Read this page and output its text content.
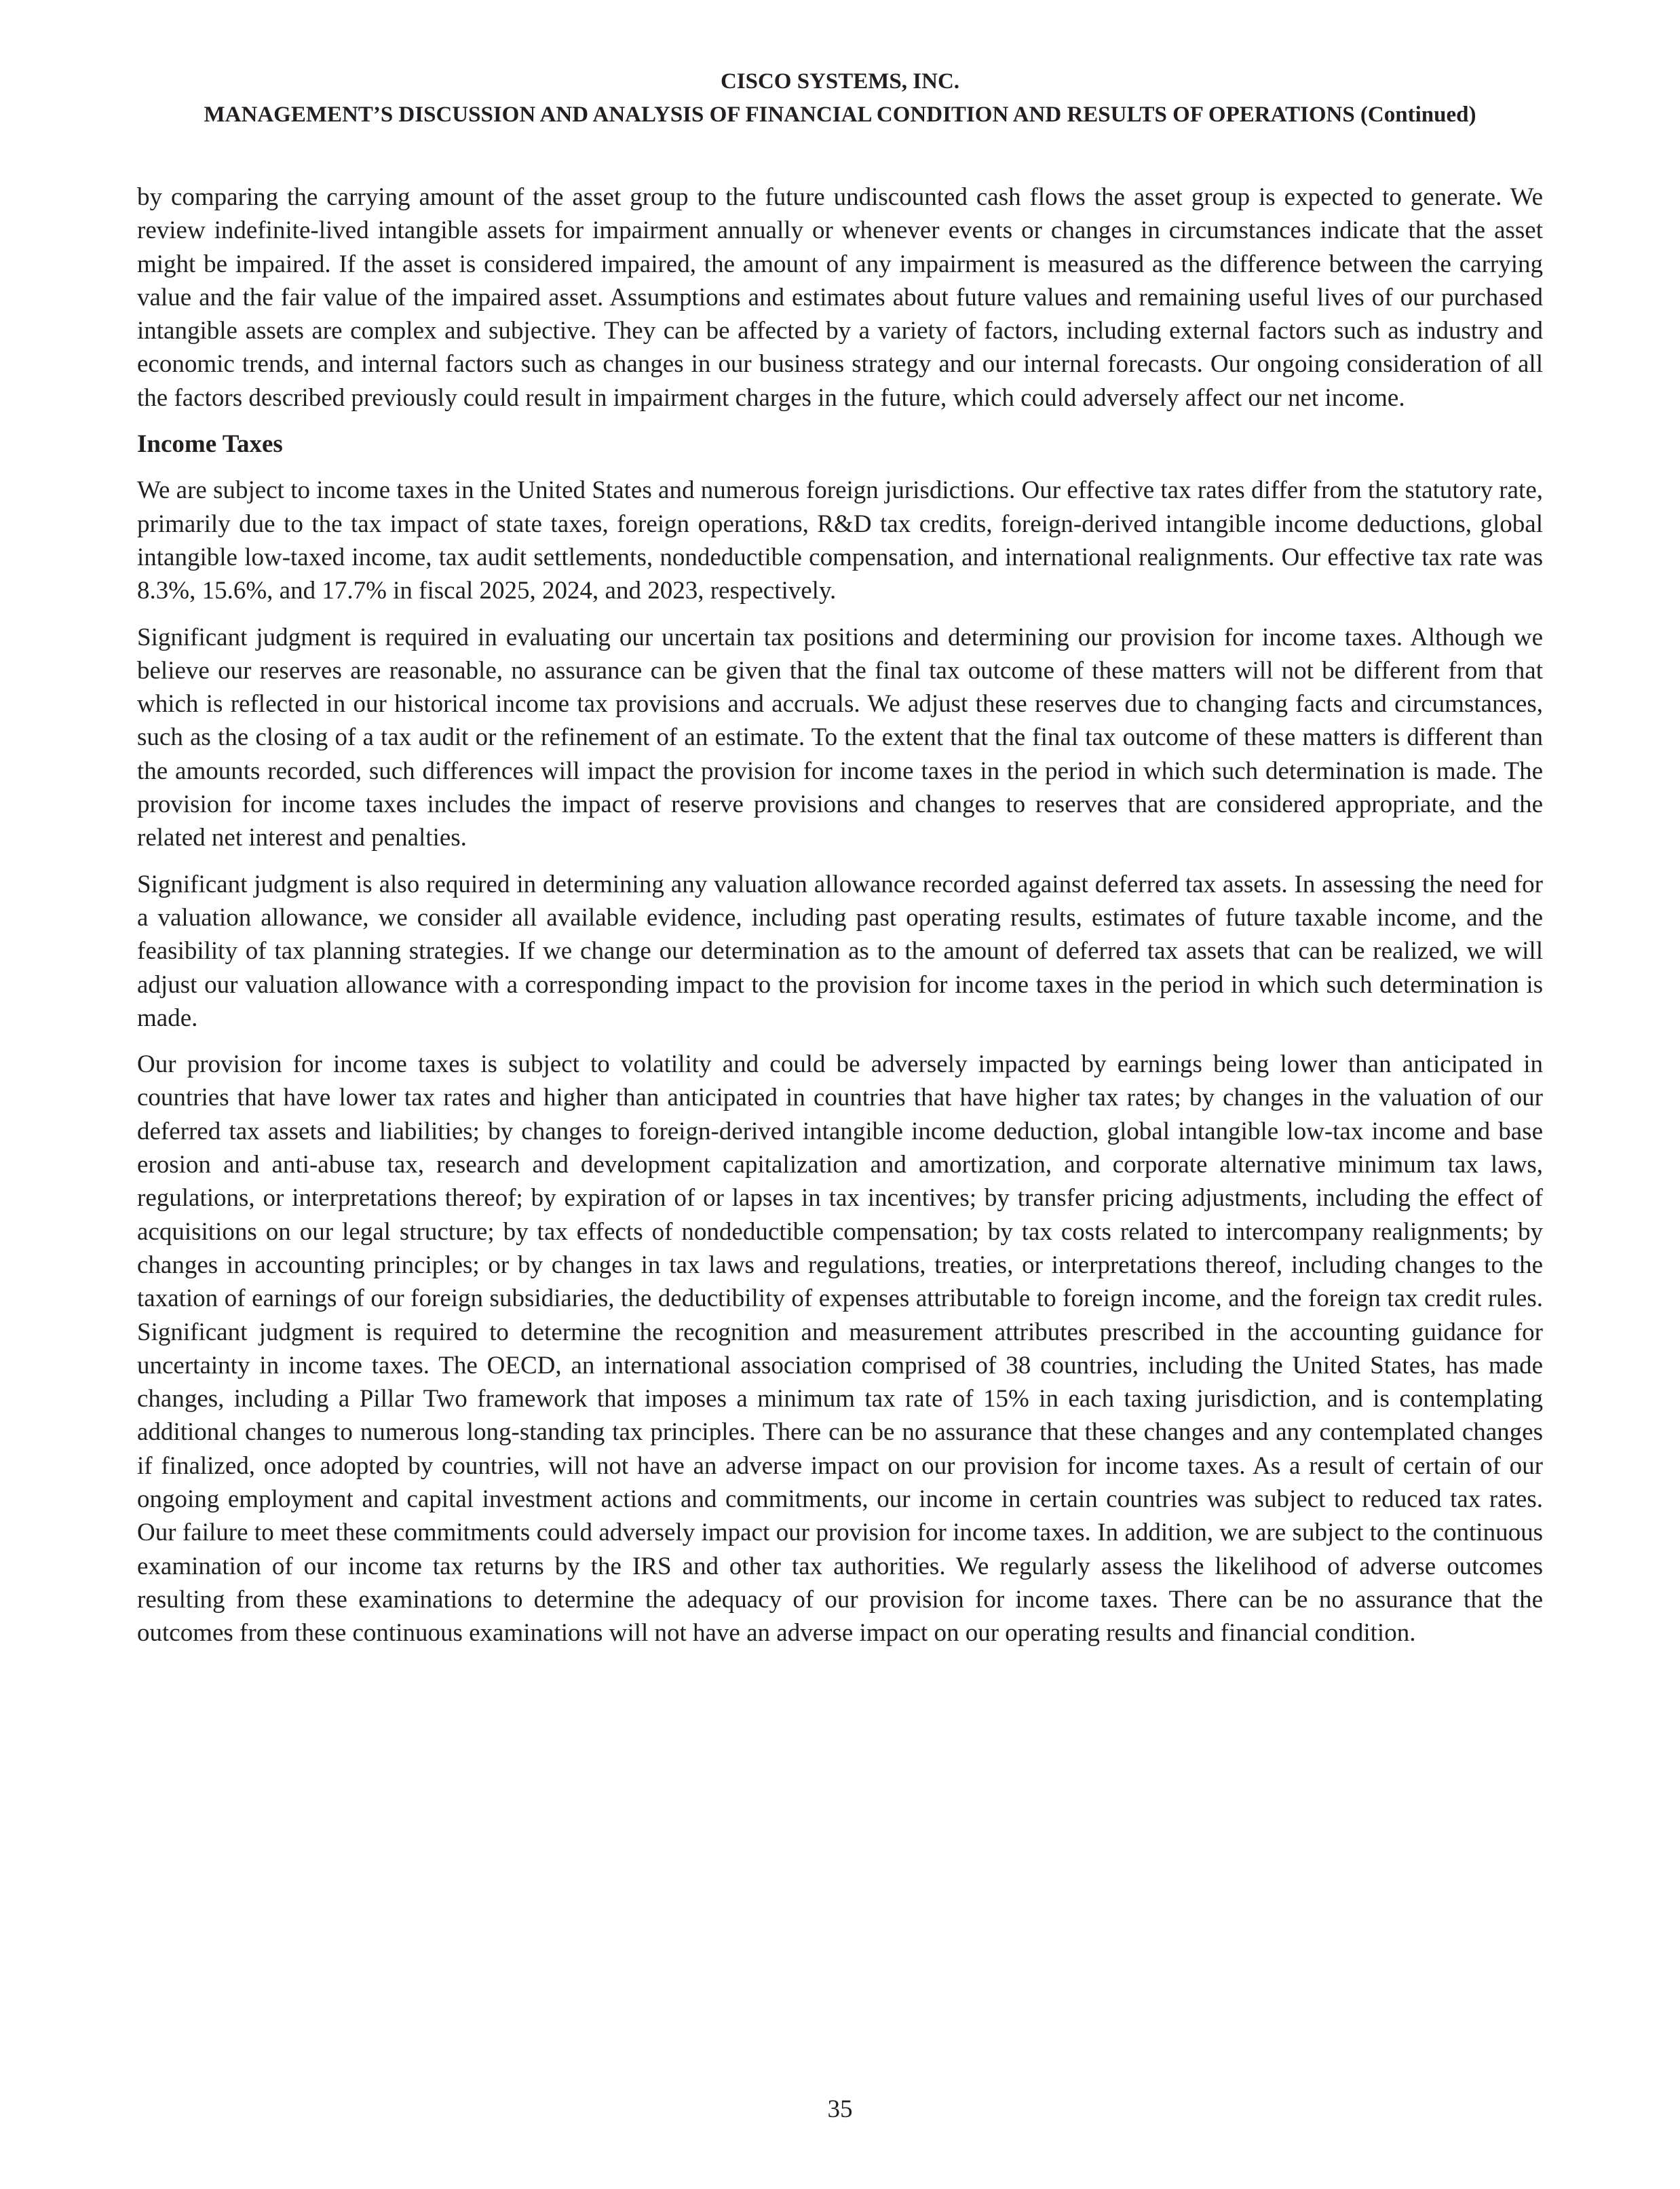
CISCO SYSTEMS, INC.
MANAGEMENT’S DISCUSSION AND ANALYSIS OF FINANCIAL CONDITION AND RESULTS OF OPERATIONS (Continued)

by comparing the carrying amount of the asset group to the future undiscounted cash flows the asset group is expected to generate. We review indefinite-lived intangible assets for impairment annually or whenever events or changes in circumstances indicate that the asset might be impaired. If the asset is considered impaired, the amount of any impairment is measured as the difference between the carrying value and the fair value of the impaired asset. Assumptions and estimates about future values and remaining useful lives of our purchased intangible assets are complex and subjective. They can be affected by a variety of factors, including external factors such as industry and economic trends, and internal factors such as changes in our business strategy and our internal forecasts. Our ongoing consideration of all the factors described previously could result in impairment charges in the future, which could adversely affect our net income.

Income Taxes

We are subject to income taxes in the United States and numerous foreign jurisdictions. Our effective tax rates differ from the statutory rate, primarily due to the tax impact of state taxes, foreign operations, R&D tax credits, foreign-derived intangible income deductions, global intangible low-taxed income, tax audit settlements, nondeductible compensation, and international realignments. Our effective tax rate was 8.3%, 15.6%, and 17.7% in fiscal 2025, 2024, and 2023, respectively.

Significant judgment is required in evaluating our uncertain tax positions and determining our provision for income taxes. Although we believe our reserves are reasonable, no assurance can be given that the final tax outcome of these matters will not be different from that which is reflected in our historical income tax provisions and accruals. We adjust these reserves due to changing facts and circumstances, such as the closing of a tax audit or the refinement of an estimate. To the extent that the final tax outcome of these matters is different than the amounts recorded, such differences will impact the provision for income taxes in the period in which such determination is made. The provision for income taxes includes the impact of reserve provisions and changes to reserves that are considered appropriate, and the related net interest and penalties.

Significant judgment is also required in determining any valuation allowance recorded against deferred tax assets. In assessing the need for a valuation allowance, we consider all available evidence, including past operating results, estimates of future taxable income, and the feasibility of tax planning strategies. If we change our determination as to the amount of deferred tax assets that can be realized, we will adjust our valuation allowance with a corresponding impact to the provision for income taxes in the period in which such determination is made.

Our provision for income taxes is subject to volatility and could be adversely impacted by earnings being lower than anticipated in countries that have lower tax rates and higher than anticipated in countries that have higher tax rates; by changes in the valuation of our deferred tax assets and liabilities; by changes to foreign-derived intangible income deduction, global intangible low-tax income and base erosion and anti-abuse tax, research and development capitalization and amortization, and corporate alternative minimum tax laws, regulations, or interpretations thereof; by expiration of or lapses in tax incentives; by transfer pricing adjustments, including the effect of acquisitions on our legal structure; by tax effects of nondeductible compensation; by tax costs related to intercompany realignments; by changes in accounting principles; or by changes in tax laws and regulations, treaties, or interpretations thereof, including changes to the taxation of earnings of our foreign subsidiaries, the deductibility of expenses attributable to foreign income, and the foreign tax credit rules. Significant judgment is required to determine the recognition and measurement attributes prescribed in the accounting guidance for uncertainty in income taxes. The OECD, an international association comprised of 38 countries, including the United States, has made changes, including a Pillar Two framework that imposes a minimum tax rate of 15% in each taxing jurisdiction, and is contemplating additional changes to numerous long-standing tax principles. There can be no assurance that these changes and any contemplated changes if finalized, once adopted by countries, will not have an adverse impact on our provision for income taxes. As a result of certain of our ongoing employment and capital investment actions and commitments, our income in certain countries was subject to reduced tax rates. Our failure to meet these commitments could adversely impact our provision for income taxes. In addition, we are subject to the continuous examination of our income tax returns by the IRS and other tax authorities. We regularly assess the likelihood of adverse outcomes resulting from these examinations to determine the adequacy of our provision for income taxes. There can be no assurance that the outcomes from these continuous examinations will not have an adverse impact on our operating results and financial condition.

35
